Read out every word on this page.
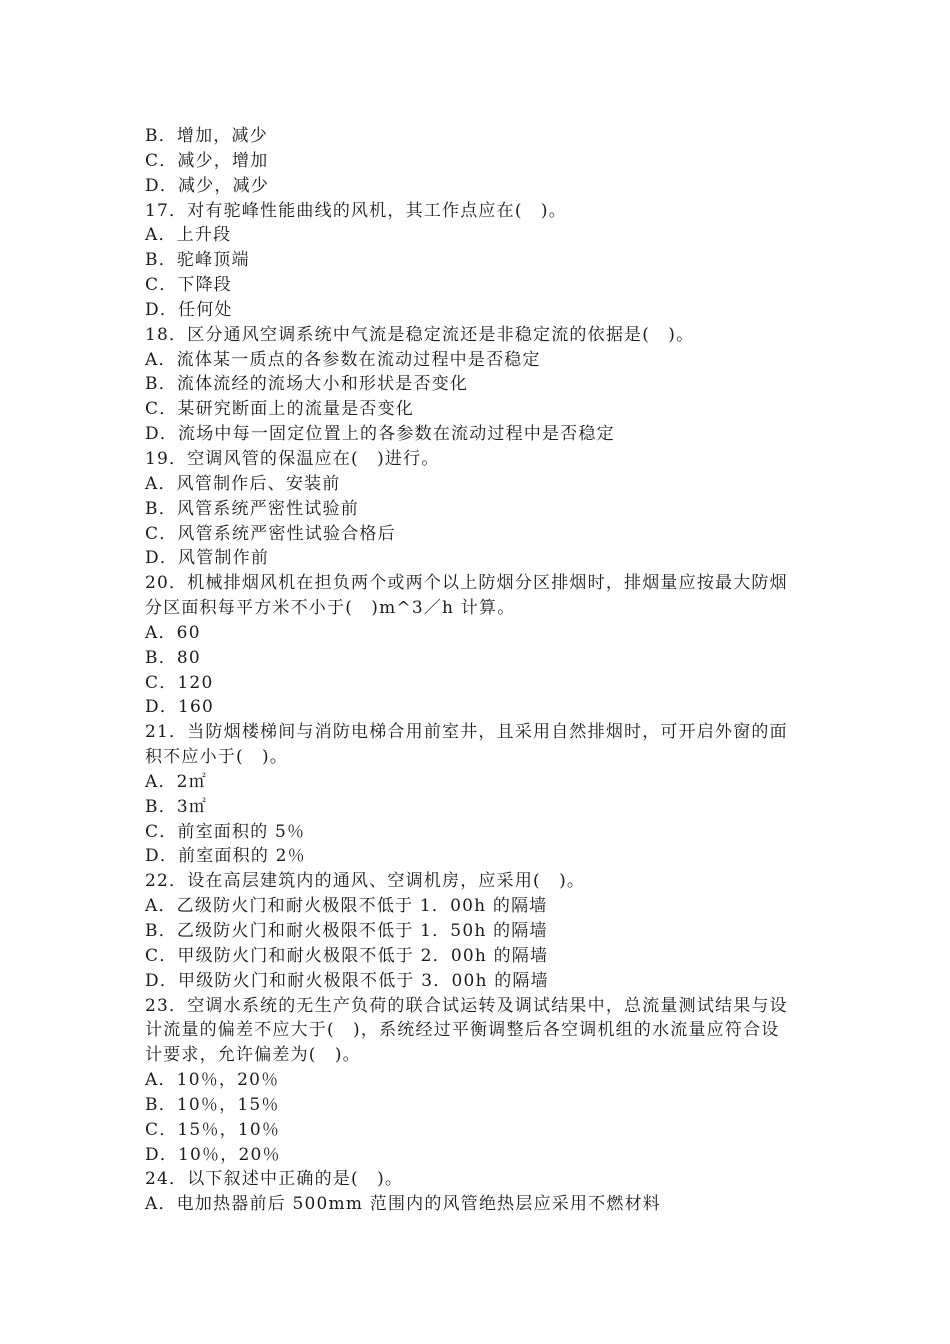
B．增加，减少
C．减少，增加
D．减少，减少
17．对有驼峰性能曲线的风机，其工作点应在(　)。
A．上升段
B．驼峰顶端
C．下降段
D．任何处
18．区分通风空调系统中气流是稳定流还是非稳定流的依据是(　)。
A．流体某一质点的各参数在流动过程中是否稳定
B．流体流经的流场大小和形状是否变化
C．某研究断面上的流量是否变化
D．流场中每一固定位置上的各参数在流动过程中是否稳定
19．空调风管的保温应在(　)进行。
A．风管制作后、安装前
B．风管系统严密性试验前
C．风管系统严密性试验合格后
D．风管制作前
20．机械排烟风机在担负两个或两个以上防烟分区排烟时，排烟量应按最大防烟
分区面积每平方米不小于(　)m^3／h 计算。
A．60
B．80
C．120
D．160
21．当防烟楼梯间与消防电梯合用前室井，且采用自然排烟时，可开启外窗的面
积不应小于(　)。
A．2㎡
B．3㎡
C．前室面积的 5％
D．前室面积的 2％
22．设在高层建筑内的通风、空调机房，应采用(　)。
A．乙级防火门和耐火极限不低于 1．00h 的隔墙
B．乙级防火门和耐火极限不低于 1．50h 的隔墙
C．甲级防火门和耐火极限不低于 2．00h 的隔墙
D．甲级防火门和耐火极限不低于 3．00h 的隔墙
23．空调水系统的无生产负荷的联合试运转及调试结果中，总流量测试结果与设
计流量的偏差不应大于(　)，系统经过平衡调整后各空调机组的水流量应符合设
计要求，允许偏差为(　)。
A．10％，20％
B．10％，15％
C．15％，10％
D．10％，20％
24．以下叙述中正确的是(　)。
A．电加热器前后 500mm 范围内的风管绝热层应采用不燃材料
